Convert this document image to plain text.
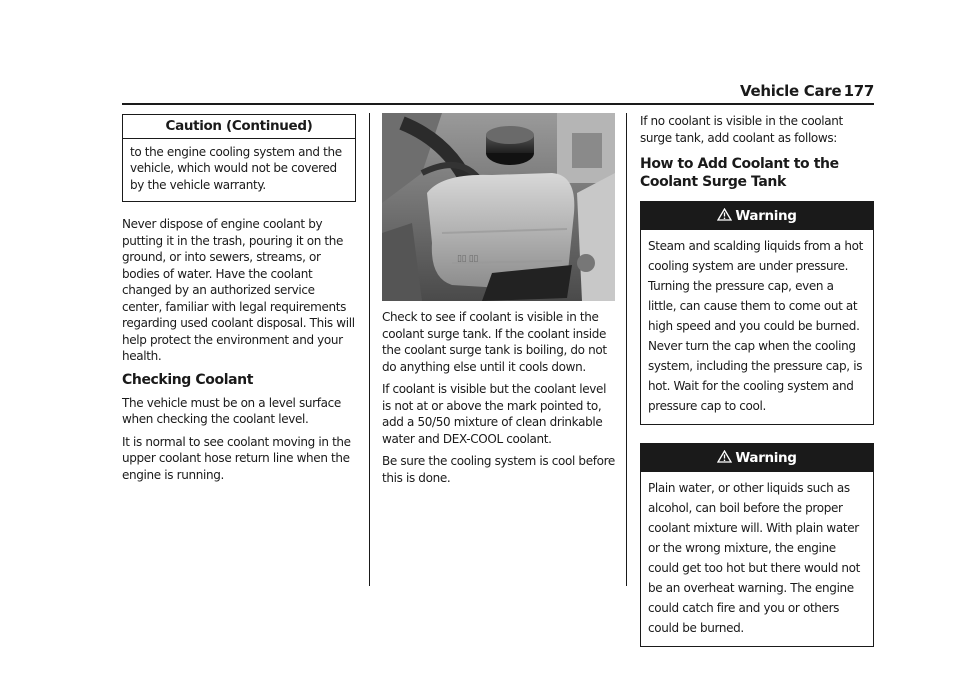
Vehicle Care 177
Caution (Continued)
to the engine cooling system and the vehicle, which would not be covered by the vehicle warranty.

Never dispose of engine coolant by putting it in the trash, pouring it on the ground, or into sewers, streams, or bodies of water. Have the coolant changed by an authorized service center, familiar with legal requirements regarding used coolant disposal. This will help protect the environment and your health.

Checking Coolant

The vehicle must be on a level surface when checking the coolant level.

It is normal to see coolant moving in the upper coolant hose return line when the engine is running.

▯▯ ▯▯

Check to see if coolant is visible in the coolant surge tank. If the coolant inside the coolant surge tank is boiling, do not do anything else until it cools down.

If coolant is visible but the coolant level is not at or above the mark pointed to, add a 50/50 mixture of clean drinkable water and DEX-COOL coolant.

Be sure the cooling system is cool before this is done.

If no coolant is visible in the coolant surge tank, add coolant as follows:

How to Add Coolant to the Coolant Surge Tank
Warning
Steam and scalding liquids from a hot cooling system are under pressure. Turning the pressure cap, even a little, can cause them to come out at high speed and you could be burned. Never turn the cap when the cooling system, including the pressure cap, is hot. Wait for the cooling system and pressure cap to cool.
Warning
Plain water, or other liquids such as alcohol, can boil before the proper coolant mixture will. With plain water or the wrong mixture, the engine could get too hot but there would not be an overheat warning. The engine could catch fire and you or others could be burned.
